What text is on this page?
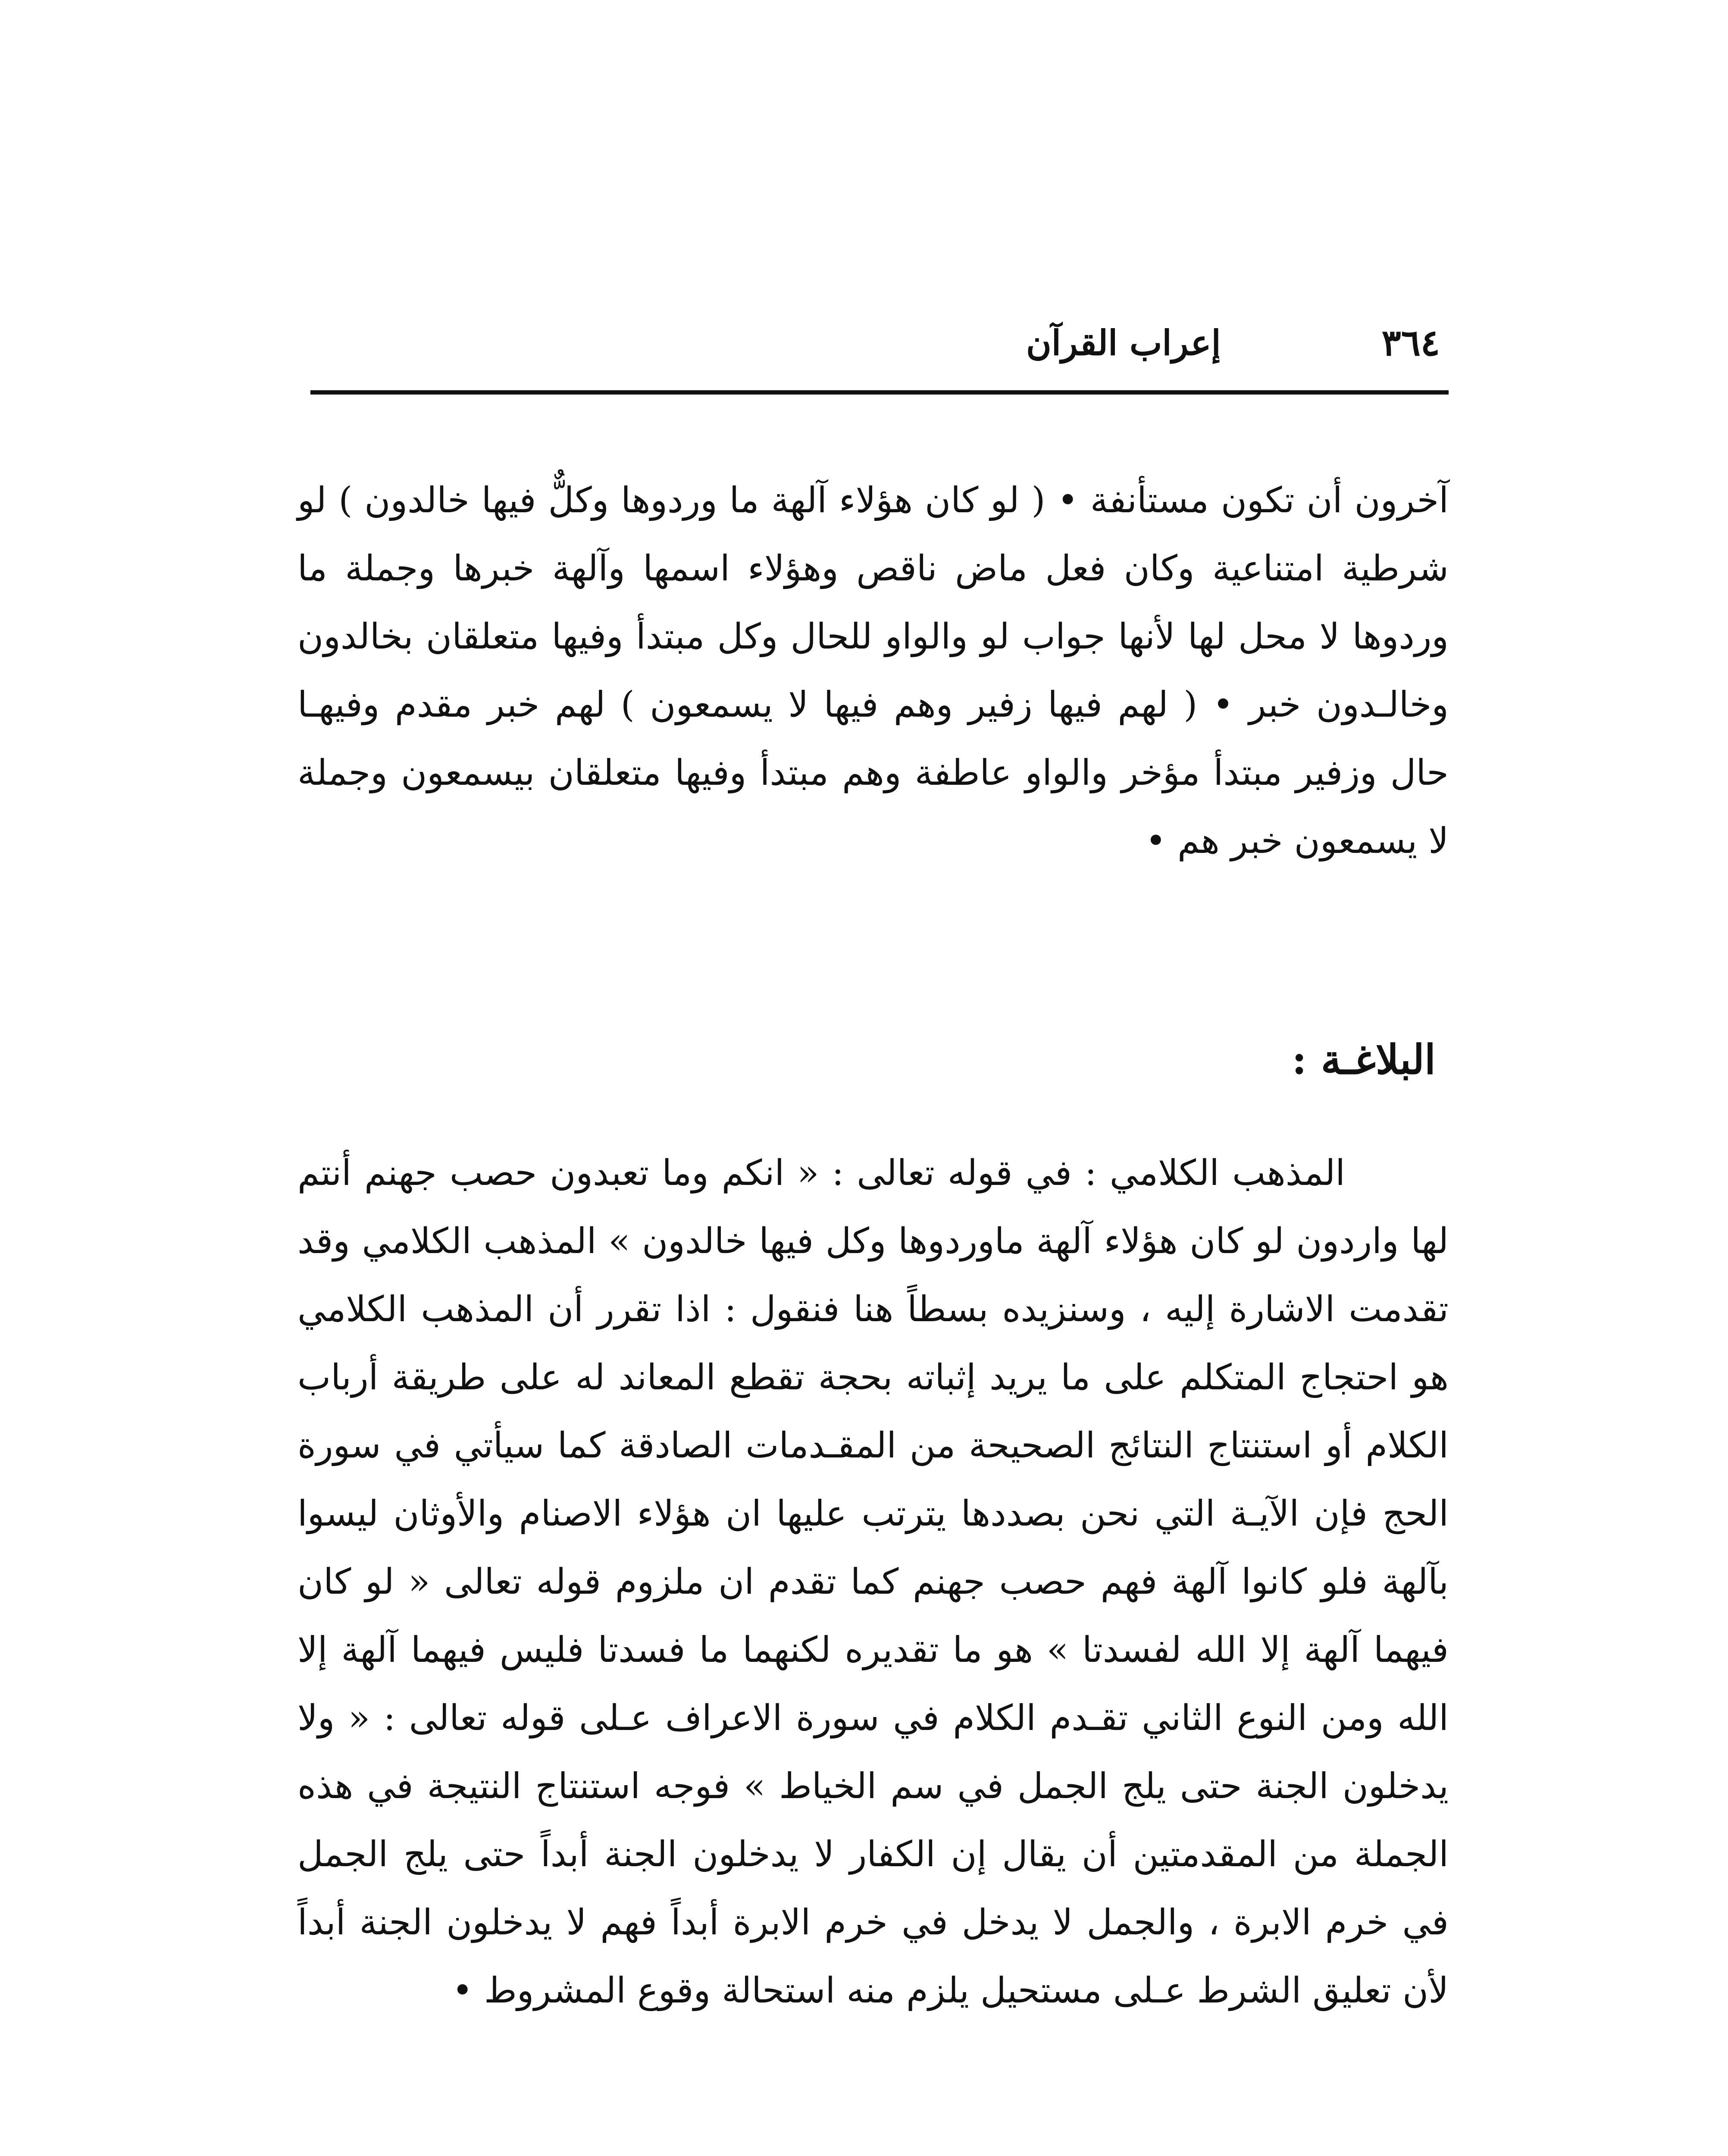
٣٦٤
إعراب القرآن

آخرون أن تكون مستأنفة • ( لو كان هؤلاء آلهة ما وردوها وكلٌّ فيها خالدون ) لو شرطية امتناعية وكان فعل ماض ناقص وهؤلاء اسمها وآلهة خبرها وجملة ما وردوها لا محل لها لأنها جواب لو والواو للحال وكل مبتدأ وفيها متعلقان بخالدون وخالـدون خبر • ( لهم فيها زفير وهم فيها لا يسمعون ) لهم خبر مقدم وفيهـا حال وزفير مبتدأ مؤخر والواو عاطفة وهم مبتدأ وفيها متعلقان بيسمعون وجملة لا يسمعون خبر هم •

البلاغـة :

المذهب الكلامي : في قوله تعالى : « انكم وما تعبدون حصب جهنم أنتم لها واردون لو كان هؤلاء آلهة ماوردوها وكل فيها خالدون » المذهب الكلامي وقد تقدمت الاشارة إليه ، وسنزيده بسطاً هنا فنقول : اذا تقرر أن المذهب الكلامي هو احتجاج المتكلم على ما يريد إثباته بحجة تقطع المعاند له على طريقة أرباب الكلام أو استنتاج النتائج الصحيحة من المقـدمات الصادقة كما سيأتي في سورة الحج فإن الآيـة التي نحن بصددها يترتب عليها ان هؤلاء الاصنام والأوثان ليسوا بآلهة فلو كانوا آلهة فهم حصب جهنم كما تقدم ان ملزوم قوله تعالى « لو كان فيهما آلهة إلا الله لفسدتا » هو ما تقديره لكنهما ما فسدتا فليس فيهما آلهة إلا الله ومن النوع الثاني تقـدم الكلام في سورة الاعراف عـلى قوله تعالى : « ولا يدخلون الجنة حتى يلج الجمل في سم الخياط » فوجه استنتاج النتيجة في هذه الجملة من المقدمتين أن يقال إن الكفار لا يدخلون الجنة أبداً حتى يلج الجمل في خرم الابرة ، والجمل لا يدخل في خرم الابرة أبداً فهم لا يدخلون الجنة أبداً لأن تعليق الشرط عـلى مستحيل يلزم منه استحالة وقوع المشروط •
